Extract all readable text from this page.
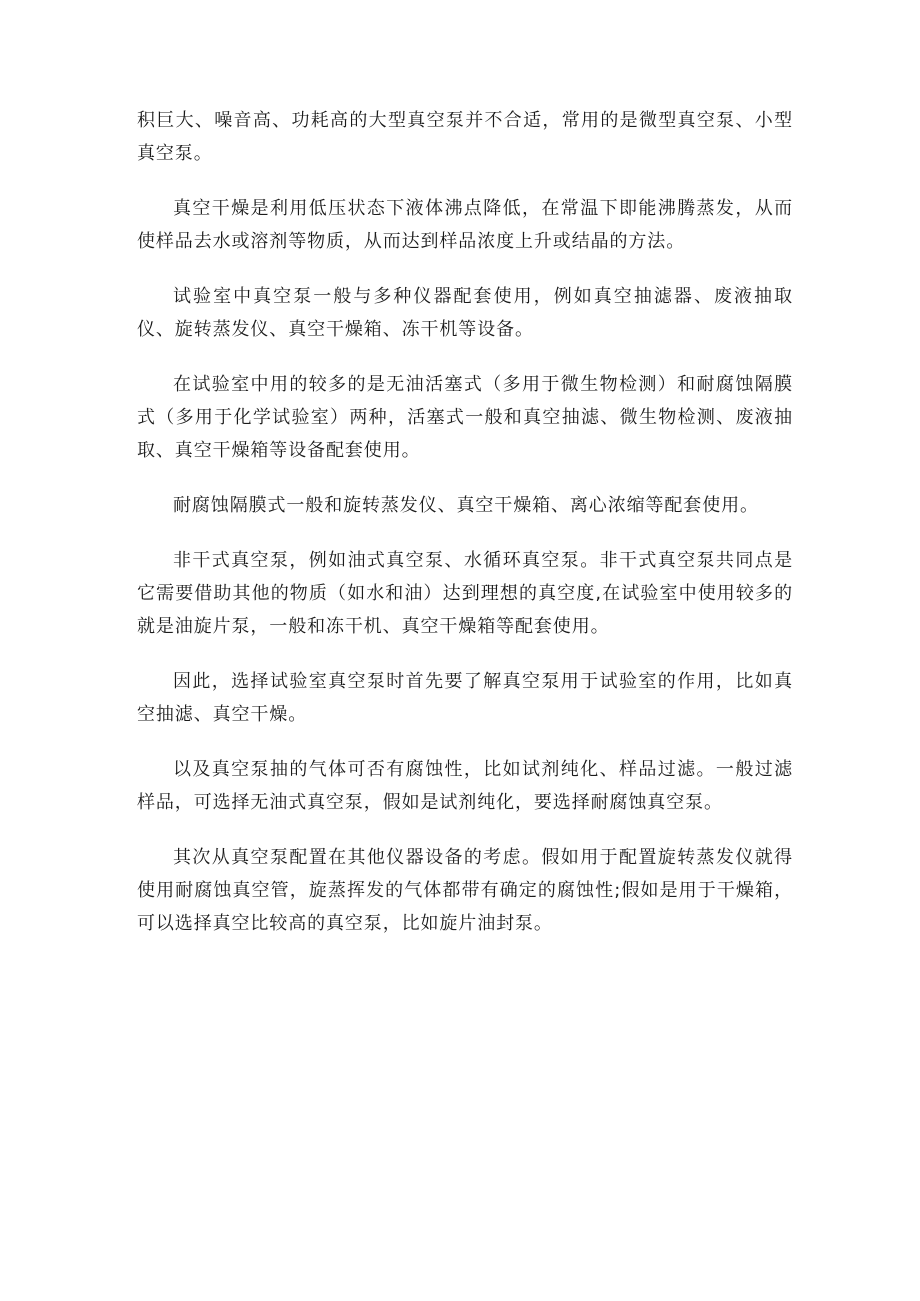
积巨大、噪音高、功耗高的大型真空泵并不合适，常用的是微型真空泵、小型真空泵。

真空干燥是利用低压状态下液体沸点降低，在常温下即能沸腾蒸发，从而使样品去水或溶剂等物质，从而达到样品浓度上升或结晶的方法。

试验室中真空泵一般与多种仪器配套使用，例如真空抽滤器、废液抽取仪、旋转蒸发仪、真空干燥箱、冻干机等设备。

在试验室中用的较多的是无油活塞式（多用于微生物检测）和耐腐蚀隔膜式（多用于化学试验室）两种，活塞式一般和真空抽滤、微生物检测、废液抽取、真空干燥箱等设备配套使用。

耐腐蚀隔膜式一般和旋转蒸发仪、真空干燥箱、离心浓缩等配套使用。

非干式真空泵，例如油式真空泵、水循环真空泵。非干式真空泵共同点是它需要借助其他的物质（如水和油）达到理想的真空度,在试验室中使用较多的就是油旋片泵，一般和冻干机、真空干燥箱等配套使用。

因此，选择试验室真空泵时首先要了解真空泵用于试验室的作用，比如真空抽滤、真空干燥。

以及真空泵抽的气体可否有腐蚀性，比如试剂纯化、样品过滤。一般过滤样品，可选择无油式真空泵，假如是试剂纯化，要选择耐腐蚀真空泵。

其次从真空泵配置在其他仪器设备的考虑。假如用于配置旋转蒸发仪就得使用耐腐蚀真空管，旋蒸挥发的气体都带有确定的腐蚀性;假如是用于干燥箱，可以选择真空比较高的真空泵，比如旋片油封泵。
